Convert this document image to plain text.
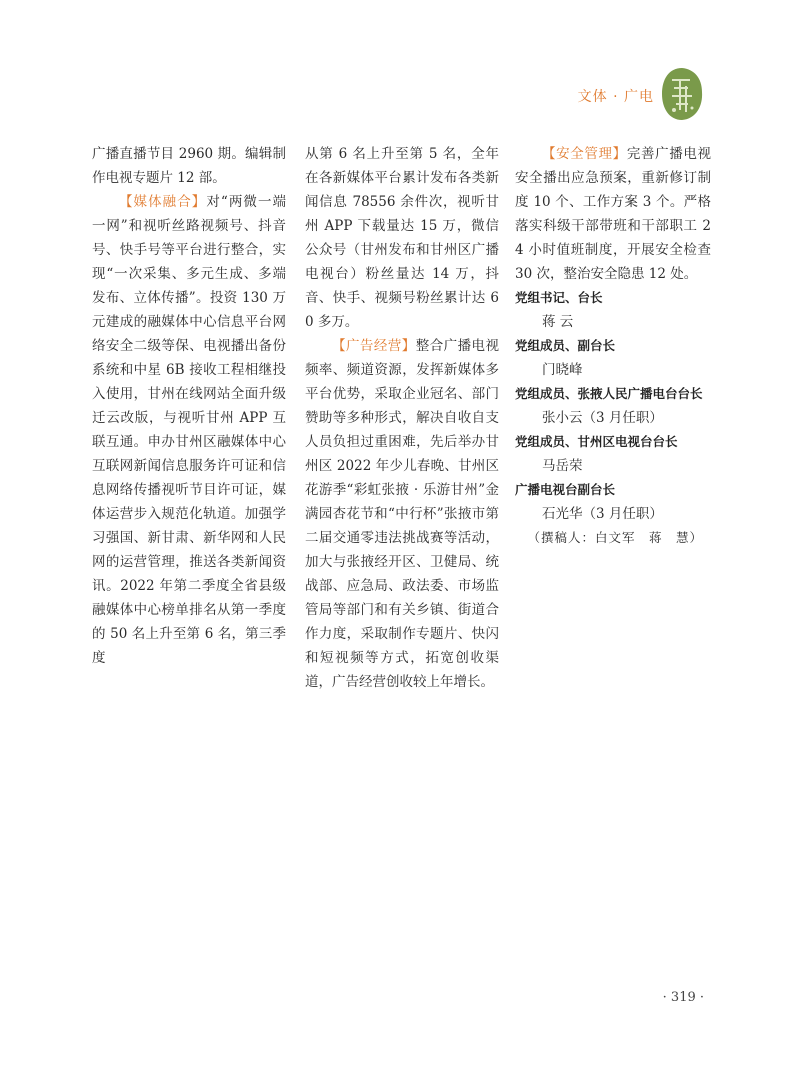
文体 · 广电

广播直播节目 2960 期。编辑制作电视专题片 12 部。

【媒体融合】对“两微一端一网”和视听丝路视频号、抖音号、快手号等平台进行整合，实现“一次采集、多元生成、多端发布、立体传播”。投资 130 万元建成的融媒体中心信息平台网络安全二级等保、电视播出备份系统和中星 6B 接收工程相继投入使用，甘州在线网站全面升级迁云改版，与视听甘州 APP 互联互通。申办甘州区融媒体中心互联网新闻信息服务许可证和信息网络传播视听节目许可证，媒体运营步入规范化轨道。加强学习强国、新甘肃、新华网和人民网的运营管理，推送各类新闻资讯。2022 年第二季度全省县级融媒体中心榜单排名从第一季度的 50 名上升至第 6 名，第三季度

从第 6 名上升至第 5 名，全年在各新媒体平台累计发布各类新闻信息 78556 余件次，视听甘州 APP 下载量达 15 万，微信公众号（甘州发布和甘州区广播电视台）粉丝量达 14 万，抖音、快手、视频号粉丝累计达 60 多万。

【广告经营】整合广播电视频率、频道资源，发挥新媒体多平台优势，采取企业冠名、部门赞助等多种形式，解决自收自支人员负担过重困难，先后举办甘州区 2022 年少儿春晚、甘州区花游季“彩虹张掖 · 乐游甘州”金满园杏花节和“中行杯”张掖市第二届交通零违法挑战赛等活动，加大与张掖经开区、卫健局、统战部、应急局、政法委、市场监管局等部门和有关乡镇、街道合作力度，采取制作专题片、快闪和短视频等方式，拓宽创收渠道，广告经营创收较上年增长。

【安全管理】完善广播电视安全播出应急预案，重新修订制度 10 个、工作方案 3 个。严格落实科级干部带班和干部职工 24 小时值班制度，开展安全检查 30 次，整治安全隐患 12 处。

党组书记、台长
蒋 云
党组成员、副台长
门晓峰
党组成员、张掖人民广播电台台长
张小云（3 月任职）
党组成员、甘州区电视台台长
马岳荣
广播电视台副台长
石光华（3 月任职）
（撰稿人：白文军　蒋　慧）
· 319 ·
